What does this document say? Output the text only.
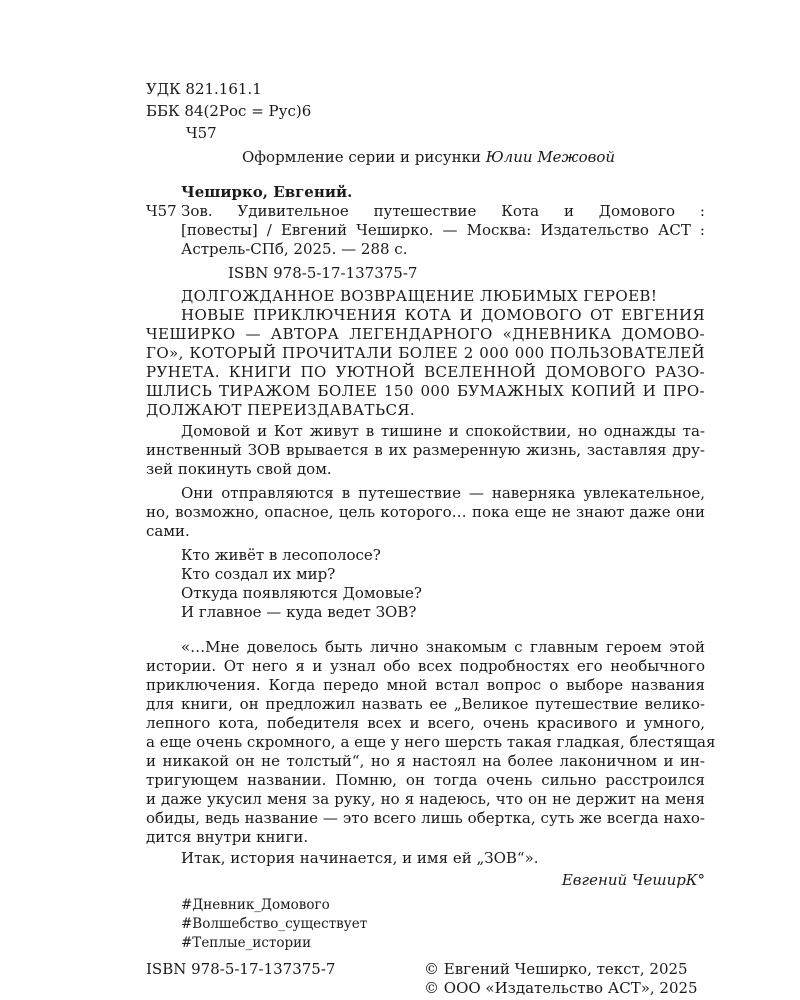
УДК 821.161.1
ББК 84(2Рос = Рус)6
Ч57
Оформление серии и рисунки Юлии Межовой
Чеширко, Евгений.
Ч57 Зов. Удивительное путешествие Кота и Домового :
[повесты] / Евгений Чеширко. — Москва: Издательство АСТ :
Астрель-СПб, 2025. — 288 с.
ISBN 978-5-17-137375-7
ДОЛГОЖДАННОЕ ВОЗВРАЩЕНИЕ ЛЮБИМЫХ ГЕРОЕВ!
НОВЫЕ ПРИКЛЮЧЕНИЯ КОТА И ДОМОВОГО ОТ ЕВГЕНИЯ
ЧЕШИРКО — АВТОРА ЛЕГЕНДАРНОГО «ДНЕВНИКА ДОМОВО-
ГО», КОТОРЫЙ ПРОЧИТАЛИ БОЛЕЕ 2 000 000 ПОЛЬЗОВАТЕЛЕЙ
РУНЕТА. КНИГИ ПО УЮТНОЙ ВСЕЛЕННОЙ ДОМОВОГО РАЗО-
ШЛИСЬ ТИРАЖОМ БОЛЕЕ 150 000 БУМАЖНЫХ КОПИЙ И ПРО-
ДОЛЖАЮТ ПЕРЕИЗДАВАТЬСЯ.
Домовой и Кот живут в тишине и спокойствии, но однажды та-
инственный ЗОВ врывается в их размеренную жизнь, заставляя дру-
зей покинуть свой дом.
Они отправляются в путешествие — наверняка увлекательное,
но, возможно, опасное, цель которого… пока еще не знают даже они
сами.
Кто живёт в лесополосе?
Кто создал их мир?
Откуда появляются Домовые?
И главное — куда ведет ЗОВ?
«…Мне довелось быть лично знакомым с главным героем этой
истории. От него я и узнал обо всех подробностях его необычного
приключения. Когда передо мной встал вопрос о выборе названия
для книги, он предложил назвать ее „Великое путешествие велико-
лепного кота, победителя всех и всего, очень красивого и умного,
а еще очень скромного, а еще у него шерсть такая гладкая, блестящая
и никакой он не толстый“, но я настоял на более лаконичном и ин-
тригующем названии. Помню, он тогда очень сильно расстроился
и даже укусил меня за руку, но я надеюсь, что он не держит на меня
обиды, ведь название — это всего лишь обертка, суть же всегда нахо-
дится внутри книги.
Итак, история начинается, и имя ей „ЗОВ“».
Евгений ЧеширК°
#Дневник_Домового
#Волшебство_существует
#Теплые_истории
ISBN 978-5-17-137375-7	© Евгений Чеширко, текст, 2025
© ООО «Издательство АСТ», 2025
